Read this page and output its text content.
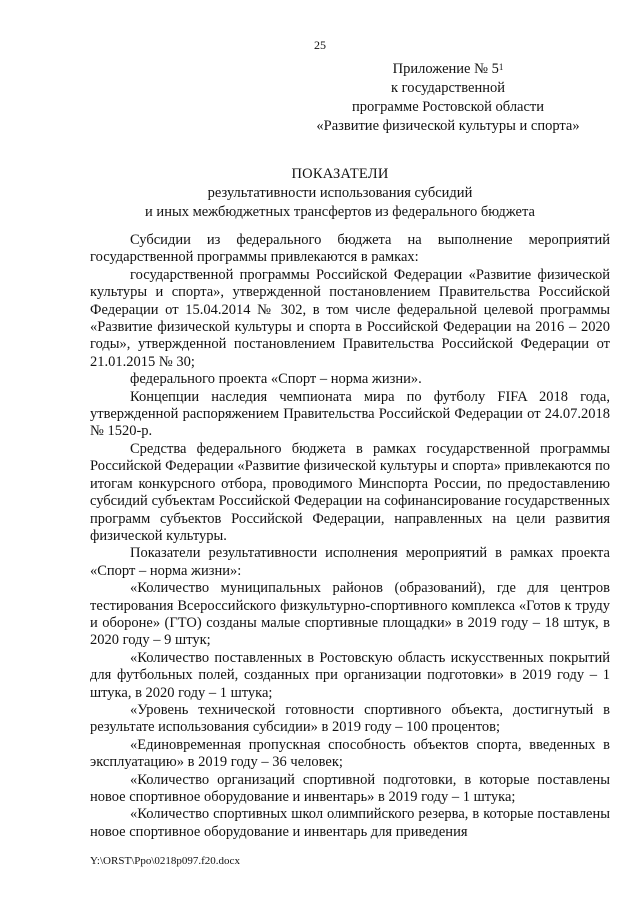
25
Приложение № $5^1$
к государственной
программе Ростовской области
«Развитие физической культуры и спорта»
ПОКАЗАТЕЛИ
результативности использования субсидий
и иных межбюджетных трансфертов из федерального бюджета

Субсидии из федерального бюджета на выполнение мероприятий государственной программы привлекаются в рамках:

государственной программы Российской Федерации «Развитие физической культуры и спорта», утвержденной постановлением Правительства Российской Федерации от 15.04.2014 № 302, в том числе федеральной целевой программы «Развитие физической культуры и спорта в Российской Федерации на 2016 – 2020 годы», утвержденной постановлением Правительства Российской Федерации от 21.01.2015 № 30;

федерального проекта «Спорт – норма жизни».

Концепции наследия чемпионата мира по футболу FIFA 2018 года, утвержденной распоряжением Правительства Российской Федерации от 24.07.2018 № 1520-р.

Средства федерального бюджета в рамках государственной программы Российской Федерации «Развитие физической культуры и спорта» привлекаются по итогам конкурсного отбора, проводимого Минспорта России, по предоставлению субсидий субъектам Российской Федерации на софинансирование государственных программ субъектов Российской Федерации, направленных на цели развития физической культуры.

Показатели результативности исполнения мероприятий в рамках проекта «Спорт – норма жизни»:

«Количество муниципальных районов (образований), где для центров тестирования Всероссийского физкультурно-спортивного комплекса «Готов к труду и обороне» (ГТО) созданы малые спортивные площадки» в 2019 году – 18 штук, в 2020 году – 9 штук;

«Количество поставленных в Ростовскую область искусственных покрытий для футбольных полей, созданных при организации подготовки» в 2019 году – 1 штука, в 2020 году – 1 штука;

«Уровень технической готовности спортивного объекта, достигнутый в результате использования субсидии» в 2019 году – 100 процентов;

«Единовременная пропускная способность объектов спорта, введенных в эксплуатацию» в 2019 году – 36 человек;

«Количество организаций спортивной подготовки, в которые поставлены новое спортивное оборудование и инвентарь» в 2019 году – 1 штука;

«Количество спортивных школ олимпийского резерва, в которые поставлены новое спортивное оборудование и инвентарь для приведения

Y:\ORST\Ppo\0218p097.f20.docx
